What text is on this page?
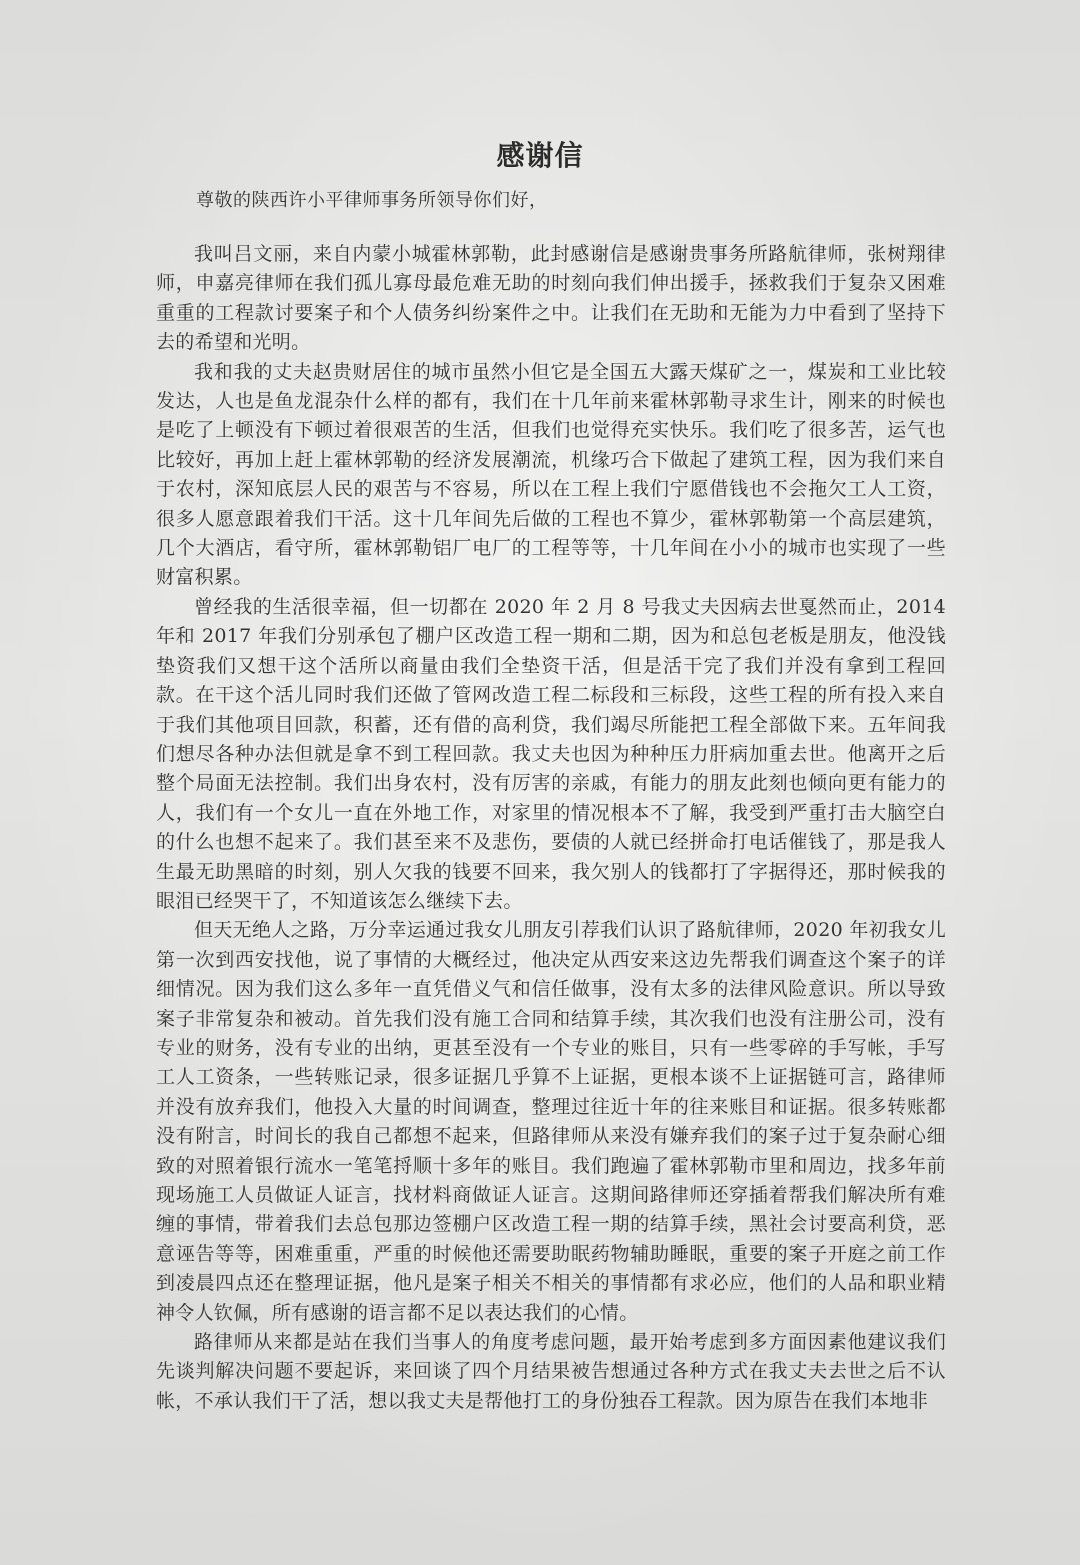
感谢信
尊敬的陕西许小平律师事务所领导你们好，

我叫吕文丽，来自内蒙小城霍林郭勒，此封感谢信是感谢贵事务所路航律师，张树翔律师，申嘉亮律师在我们孤儿寡母最危难无助的时刻向我们伸出援手，拯救我们于复杂又困难重重的工程款讨要案子和个人债务纠纷案件之中。让我们在无助和无能为力中看到了坚持下去的希望和光明。

我和我的丈夫赵贵财居住的城市虽然小但它是全国五大露天煤矿之一，煤炭和工业比较发达，人也是鱼龙混杂什么样的都有，我们在十几年前来霍林郭勒寻求生计，刚来的时候也是吃了上顿没有下顿过着很艰苦的生活，但我们也觉得充实快乐。我们吃了很多苦，运气也比较好，再加上赶上霍林郭勒的经济发展潮流，机缘巧合下做起了建筑工程，因为我们来自于农村，深知底层人民的艰苦与不容易，所以在工程上我们宁愿借钱也不会拖欠工人工资，很多人愿意跟着我们干活。这十几年间先后做的工程也不算少，霍林郭勒第一个高层建筑，几个大酒店，看守所，霍林郭勒铝厂电厂的工程等等，十几年间在小小的城市也实现了一些财富积累。

曾经我的生活很幸福，但一切都在 2020 年 2 月 8 号我丈夫因病去世戛然而止，2014 年和 2017 年我们分别承包了棚户区改造工程一期和二期，因为和总包老板是朋友，他没钱垫资我们又想干这个活所以商量由我们全垫资干活，但是活干完了我们并没有拿到工程回款。在干这个活儿同时我们还做了管网改造工程二标段和三标段，这些工程的所有投入来自于我们其他项目回款，积蓄，还有借的高利贷，我们竭尽所能把工程全部做下来。五年间我们想尽各种办法但就是拿不到工程回款。我丈夫也因为种种压力肝病加重去世。他离开之后整个局面无法控制。我们出身农村，没有厉害的亲戚，有能力的朋友此刻也倾向更有能力的人，我们有一个女儿一直在外地工作，对家里的情况根本不了解，我受到严重打击大脑空白的什么也想不起来了。我们甚至来不及悲伤，要债的人就已经拼命打电话催钱了，那是我人生最无助黑暗的时刻，别人欠我的钱要不回来，我欠别人的钱都打了字据得还，那时候我的眼泪已经哭干了，不知道该怎么继续下去。

但天无绝人之路，万分幸运通过我女儿朋友引荐我们认识了路航律师，2020 年初我女儿第一次到西安找他，说了事情的大概经过，他决定从西安来这边先帮我们调查这个案子的详细情况。因为我们这么多年一直凭借义气和信任做事，没有太多的法律风险意识。所以导致案子非常复杂和被动。首先我们没有施工合同和结算手续，其次我们也没有注册公司，没有专业的财务，没有专业的出纳，更甚至没有一个专业的账目，只有一些零碎的手写帐，手写工人工资条，一些转账记录，很多证据几乎算不上证据，更根本谈不上证据链可言，路律师并没有放弃我们，他投入大量的时间调查，整理过往近十年的往来账目和证据。很多转账都没有附言，时间长的我自己都想不起来，但路律师从来没有嫌弃我们的案子过于复杂耐心细致的对照着银行流水一笔笔捋顺十多年的账目。我们跑遍了霍林郭勒市里和周边，找多年前现场施工人员做证人证言，找材料商做证人证言。这期间路律师还穿插着帮我们解决所有难缠的事情，带着我们去总包那边签棚户区改造工程一期的结算手续，黑社会讨要高利贷，恶意诬告等等，困难重重，严重的时候他还需要助眠药物辅助睡眠，重要的案子开庭之前工作到凌晨四点还在整理证据，他凡是案子相关不相关的事情都有求必应，他们的人品和职业精神令人钦佩，所有感谢的语言都不足以表达我们的心情。

路律师从来都是站在我们当事人的角度考虑问题，最开始考虑到多方面因素他建议我们先谈判解决问题不要起诉，来回谈了四个月结果被告想通过各种方式在我丈夫去世之后不认帐，不承认我们干了活，想以我丈夫是帮他打工的身份独吞工程款。因为原告在我们本地非
